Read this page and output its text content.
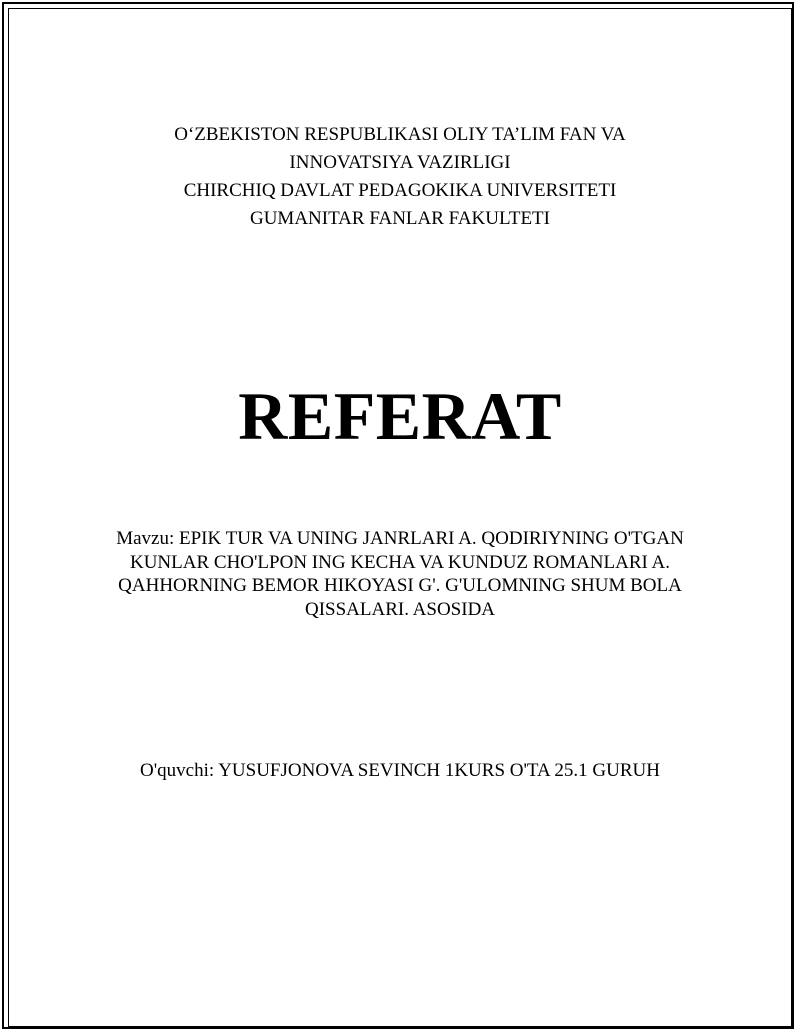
O‘ZBEKISTON RESPUBLIKASI OLIY TA’LIM FAN VA
INNOVATSIYA VAZIRLIGI
CHIRCHIQ DAVLAT PEDAGOKIKA UNIVERSITETI
GUMANITAR FANLAR FAKULTETI
REFERAT
Mavzu: EPIK TUR VA UNING JANRLARI A. QODIRIYNING O'TGAN
KUNLAR CHO'LPON ING KECHA VA KUNDUZ ROMANLARI A.
QAHHORNING BEMOR HIKOYASI G'. G'ULOMNING SHUM BOLA
QISSALARI. ASOSIDA
O'quvchi: YUSUFJONOVA SEVINCH 1KURS O'TA 25.1 GURUH
